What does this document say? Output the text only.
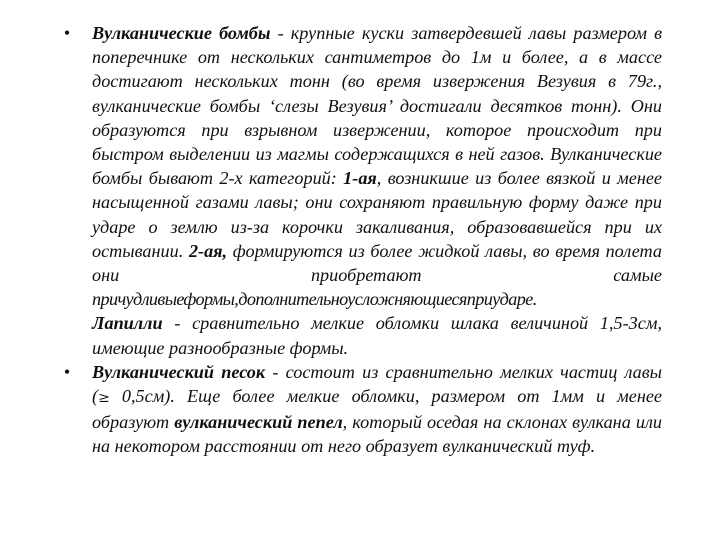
• Вулканические бомбы - крупные куски затвердевшей лавы размером в поперечнике от нескольких сантиметров до 1м и более, а в массе достигают нескольких тонн (во время извержения Везувия в 79г., вулканические бомбы ‘слезы Везувия’ достигали десятков тонн). Они образуются при взрывном извержении, которое происходит при быстром выделении из магмы содержащихся в ней газов. Вулканические бомбы бывают 2-х категорий: 1-ая, возникшие из более вязкой и менее насыщенной газами лавы; они сохраняют правильную форму даже при ударе о землю из-за корочки закаливания, образовавшейся при их остывании. 2-ая, формируются из более жидкой лавы, во время полета они приобретают самые причудливыеформы,дополнительноусложняющиесяприударе.
Лапилли - сравнительно мелкие обломки шлака величиной 1,5-3см, имеющие разнообразные формы.
• Вулканический песок - состоит из сравнительно мелких частиц лавы (≥ 0,5см). Еще более мелкие обломки, размером от 1мм и менее образуют вулканический пепел, который оседая на склонах вулкана или на некотором расстоянии от него образует вулканический туф.
